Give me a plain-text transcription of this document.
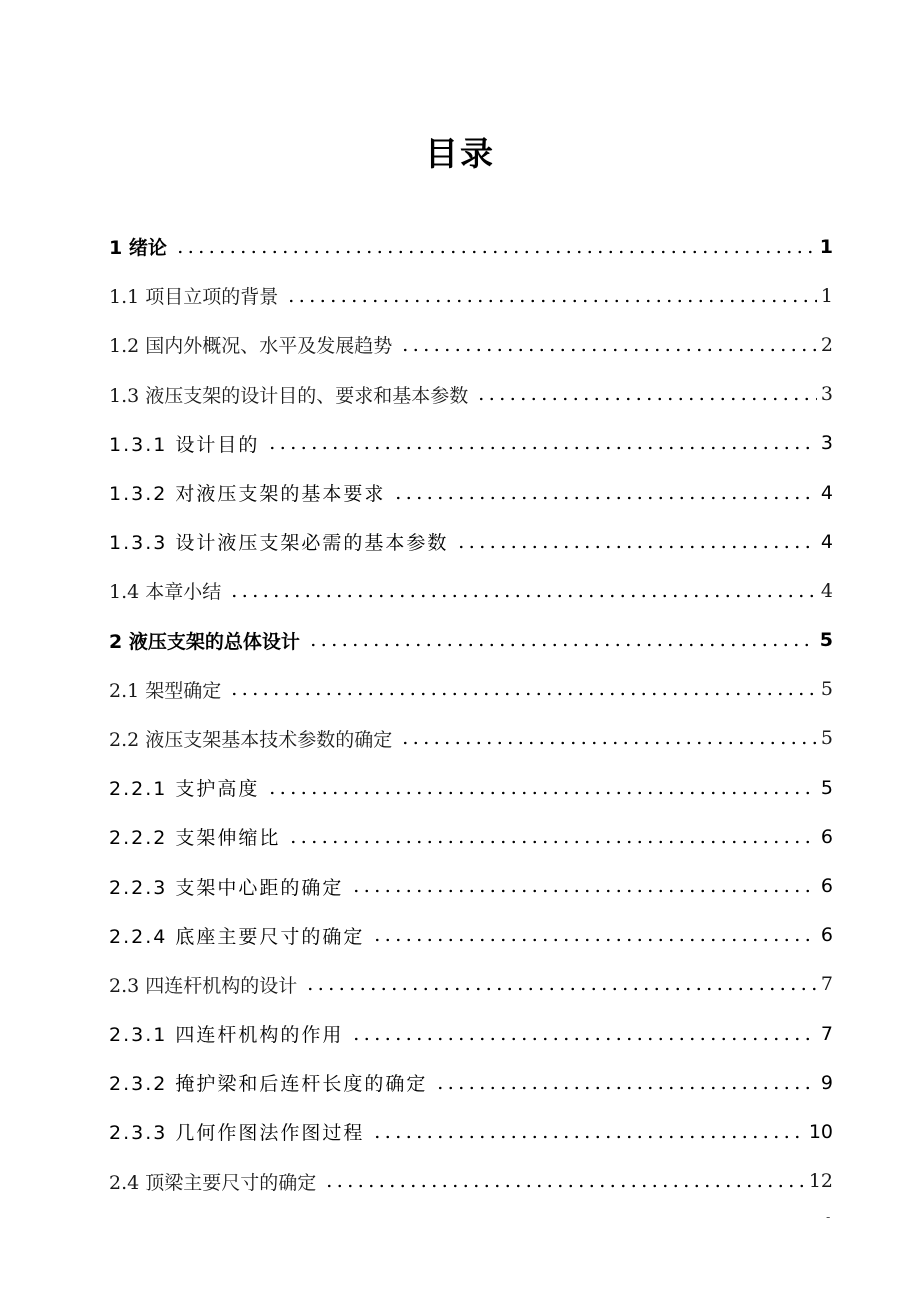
目录
1 绪论	1
1.1 项目立项的背景	1
1.2 国内外概况、水平及发展趋势	2
1.3 液压支架的设计目的、要求和基本参数	3
1.3.1 设计目的	3
1.3.2 对液压支架的基本要求	4
1.3.3 设计液压支架必需的基本参数	4
1.4 本章小结	4
2 液压支架的总体设计	5
2.1 架型确定	5
2.2 液压支架基本技术参数的确定	5
2.2.1 支护高度	5
2.2.2 支架伸缩比	6
2.2.3 支架中心距的确定	6
2.2.4 底座主要尺寸的确定	6
2.3 四连杆机构的设计	7
2.3.1 四连杆机构的作用	7
2.3.2 掩护梁和后连杆长度的确定	9
2.3.3 几何作图法作图过程	10
2.4 顶梁主要尺寸的确定	12
-
